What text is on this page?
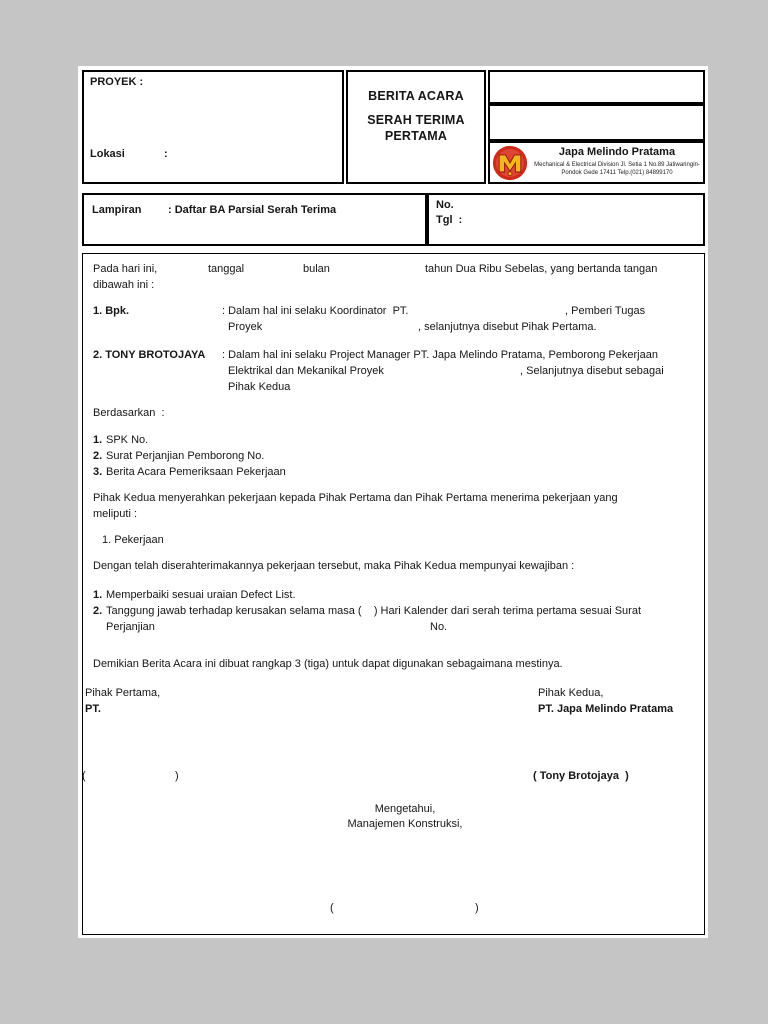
PROYEK :
Lokasi	:
BERITA ACARA
SERAH TERIMA
PERTAMA
Japa Melindo Pratama
Mechanical & Electrical Division Jl. Setia 1 No.89 Jatiwaringin-
Pondok Gede 17411 Telp.(021) 84899170
Lampiran : Daftar BA Parsial Serah Terima	No.
Tgl  :
Pada hari ini,	tanggal	bulan	tahun Dua Ribu Sebelas, yang bertanda tangan
dibawah ini :
1. Bpk.	: Dalam hal ini selaku Koordinator  PT.	, Pemberi Tugas
Proyek	, selanjutnya disebut Pihak Pertama.
2. TONY BROTOJAYA : Dalam hal ini selaku Project Manager PT. Japa Melindo Pratama, Pemborong Pekerjaan
Elektrikal dan Mekanikal Proyek	, Selanjutnya disebut sebagai
Pihak Kedua
Berdasarkan  :
1. SPK No.
2. Surat Perjanjian Pemborong No.
3. Berita Acara Pemeriksaan Pekerjaan
Pihak Kedua menyerahkan pekerjaan kepada Pihak Pertama dan Pihak Pertama menerima pekerjaan yang
meliputi :
1. Pekerjaan
Dengan telah diserahterimakannya pekerjaan tersebut, maka Pihak Kedua mempunyai kewajiban :
1. Memperbaiki sesuai uraian Defect List.
2. Tanggung jawab terhadap kerusakan selama masa (    ) Hari Kalender dari serah terima pertama sesuai Surat
Perjanjian	No.
Demikian Berita Acara ini dibuat rangkap 3 (tiga) untuk dapat digunakan sebagaimana mestinya.
Pihak Pertama,
PT.
Pihak Kedua,
PT. Japa Melindo Pratama
(	)	( Tony Brotojaya  )
Mengetahui,
Manajemen Konstruksi,
(	)
